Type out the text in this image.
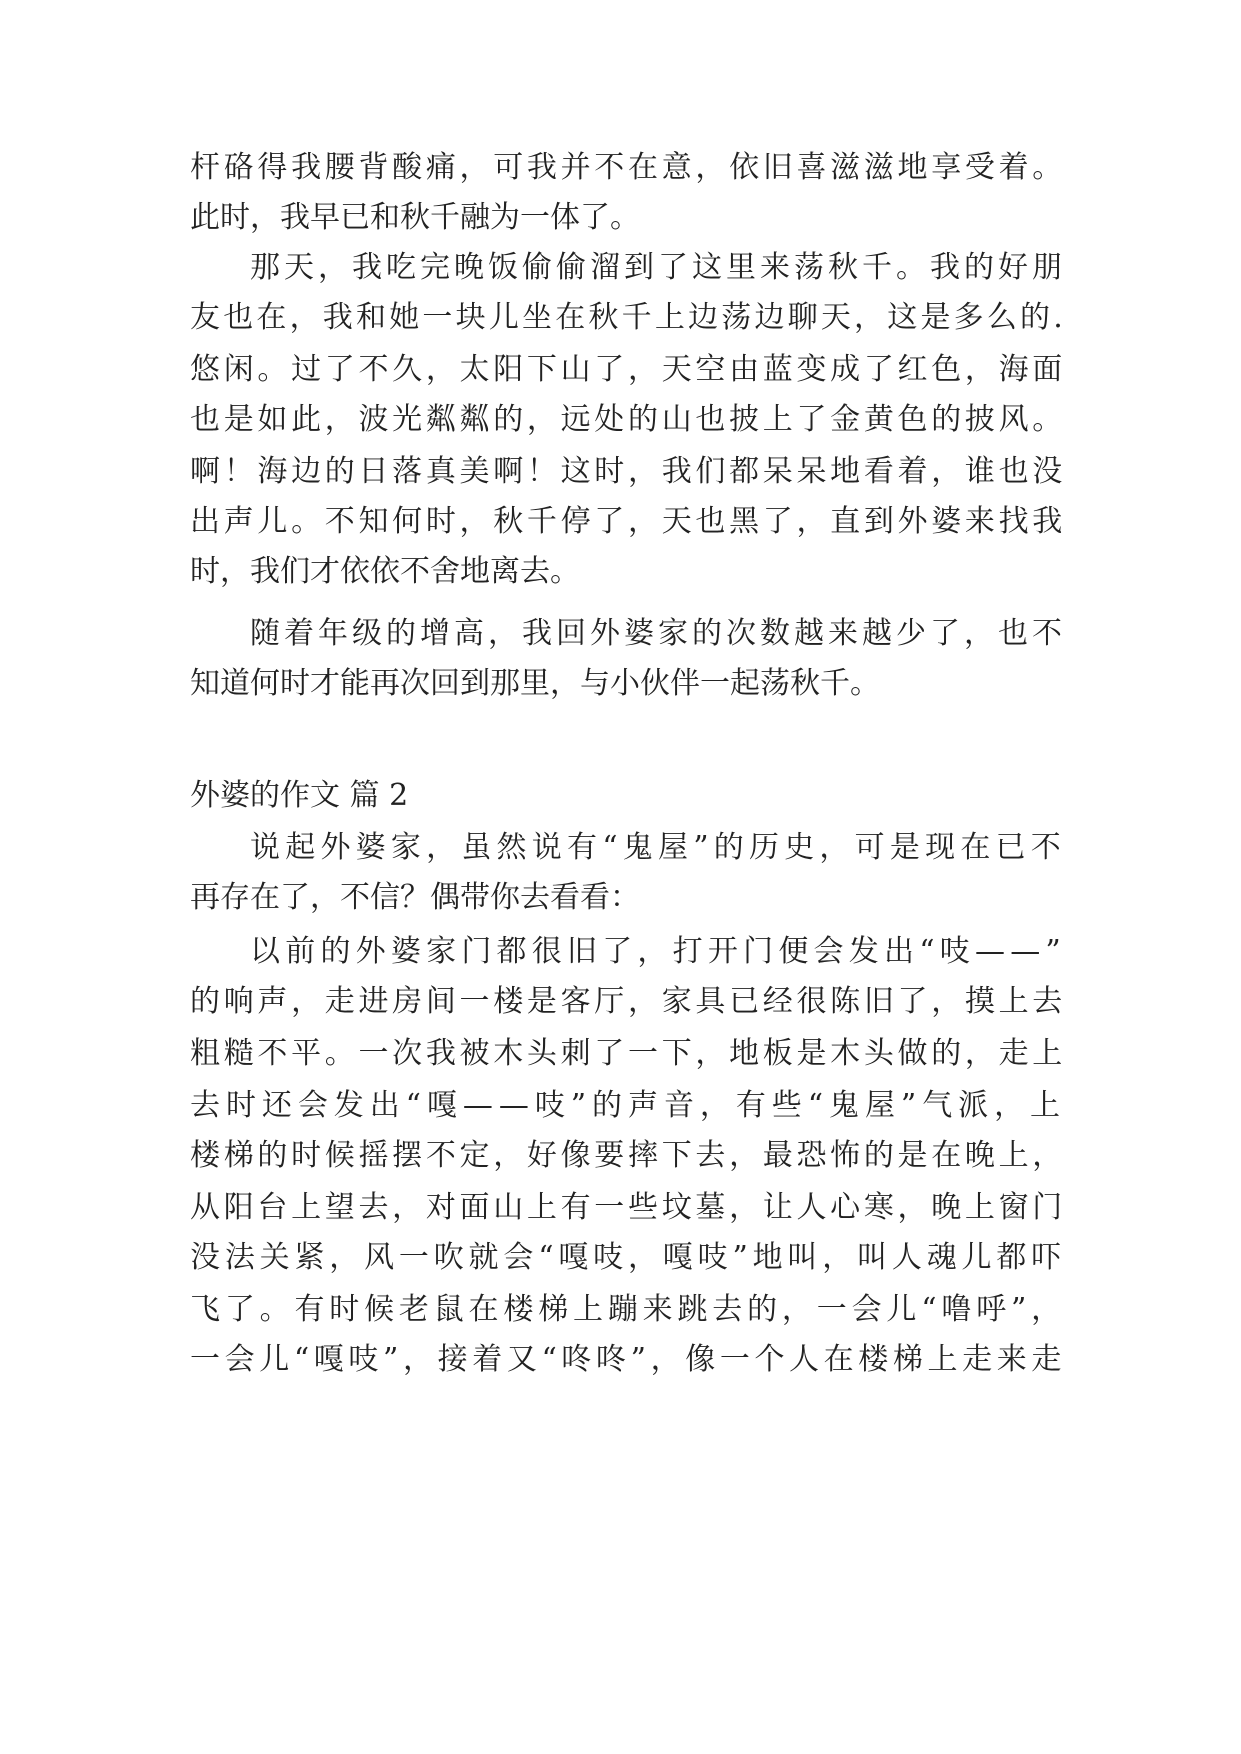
杆硌得我腰背酸痛，可我并不在意，依旧喜滋滋地享受着。
此时，我早已和秋千融为一体了。
那天，我吃完晚饭偷偷溜到了这里来荡秋千。我的好朋
友也在，我和她一块儿坐在秋千上边荡边聊天，这是多么的.
悠闲。过了不久，太阳下山了，天空由蓝变成了红色，海面
也是如此，波光粼粼的，远处的山也披上了金黄色的披风。
啊！海边的日落真美啊！这时，我们都呆呆地看着，谁也没
出声儿。不知何时，秋千停了，天也黑了，直到外婆来找我
时，我们才依依不舍地离去。
随着年级的增高，我回外婆家的次数越来越少了，也不
知道何时才能再次回到那里，与小伙伴一起荡秋千。
外婆的作文 篇 2
说起外婆家，虽然说有“鬼屋”的历史，可是现在已不
再存在了，不信？偶带你去看看：
以前的外婆家门都很旧了，打开门便会发出“吱——”
的响声，走进房间一楼是客厅，家具已经很陈旧了，摸上去
粗糙不平。一次我被木头刺了一下，地板是木头做的，走上
去时还会发出“嘎——吱”的声音，有些“鬼屋”气派，上
楼梯的时候摇摆不定，好像要摔下去，最恐怖的是在晚上，
从阳台上望去，对面山上有一些坟墓，让人心寒，晚上窗门
没法关紧，风一吹就会“嘎吱，嘎吱”地叫，叫人魂儿都吓
飞了。有时候老鼠在楼梯上蹦来跳去的，一会儿“噜呼”，
一会儿“嘎吱”，接着又“咚咚”，像一个人在楼梯上走来走
